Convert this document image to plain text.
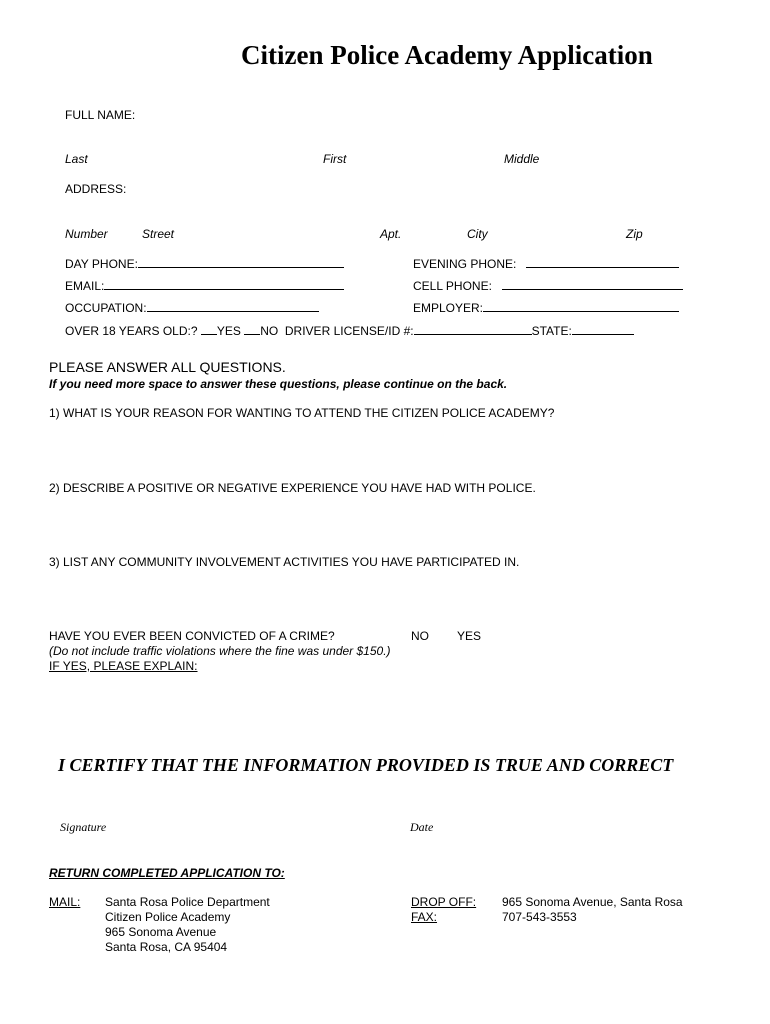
Citizen Police Academy Application
FULL NAME:
Last	First	Middle
ADDRESS:
Number	Street	Apt.	City	Zip
DAY PHONE:	EVENING PHONE:
EMAIL:	CELL PHONE:
OCCUPATION:	EMPLOYER:
OVER 18 YEARS OLD:? YES NO DRIVER LICENSE/ID #:	STATE:
PLEASE ANSWER ALL QUESTIONS.
If you need more space to answer these questions, please continue on the back.
1) WHAT IS YOUR REASON FOR WANTING TO ATTEND THE CITIZEN POLICE ACADEMY?
2) DESCRIBE A POSITIVE OR NEGATIVE EXPERIENCE YOU HAVE HAD WITH POLICE.
3) LIST ANY COMMUNITY INVOLVEMENT ACTIVITIES YOU HAVE PARTICIPATED IN.
HAVE YOU EVER BEEN CONVICTED OF A CRIME?	NO YES
(Do not include traffic violations where the fine was under $150.)
IF YES, PLEASE EXPLAIN:
I CERTIFY THAT THE INFORMATION PROVIDED IS TRUE AND CORRECT
Signature	Date
RETURN COMPLETED APPLICATION TO:
MAIL: Santa Rosa Police Department
Citizen Police Academy
965 Sonoma Avenue
Santa Rosa, CA 95404
DROP OFF: 965 Sonoma Avenue, Santa Rosa
FAX:	707-543-3553
